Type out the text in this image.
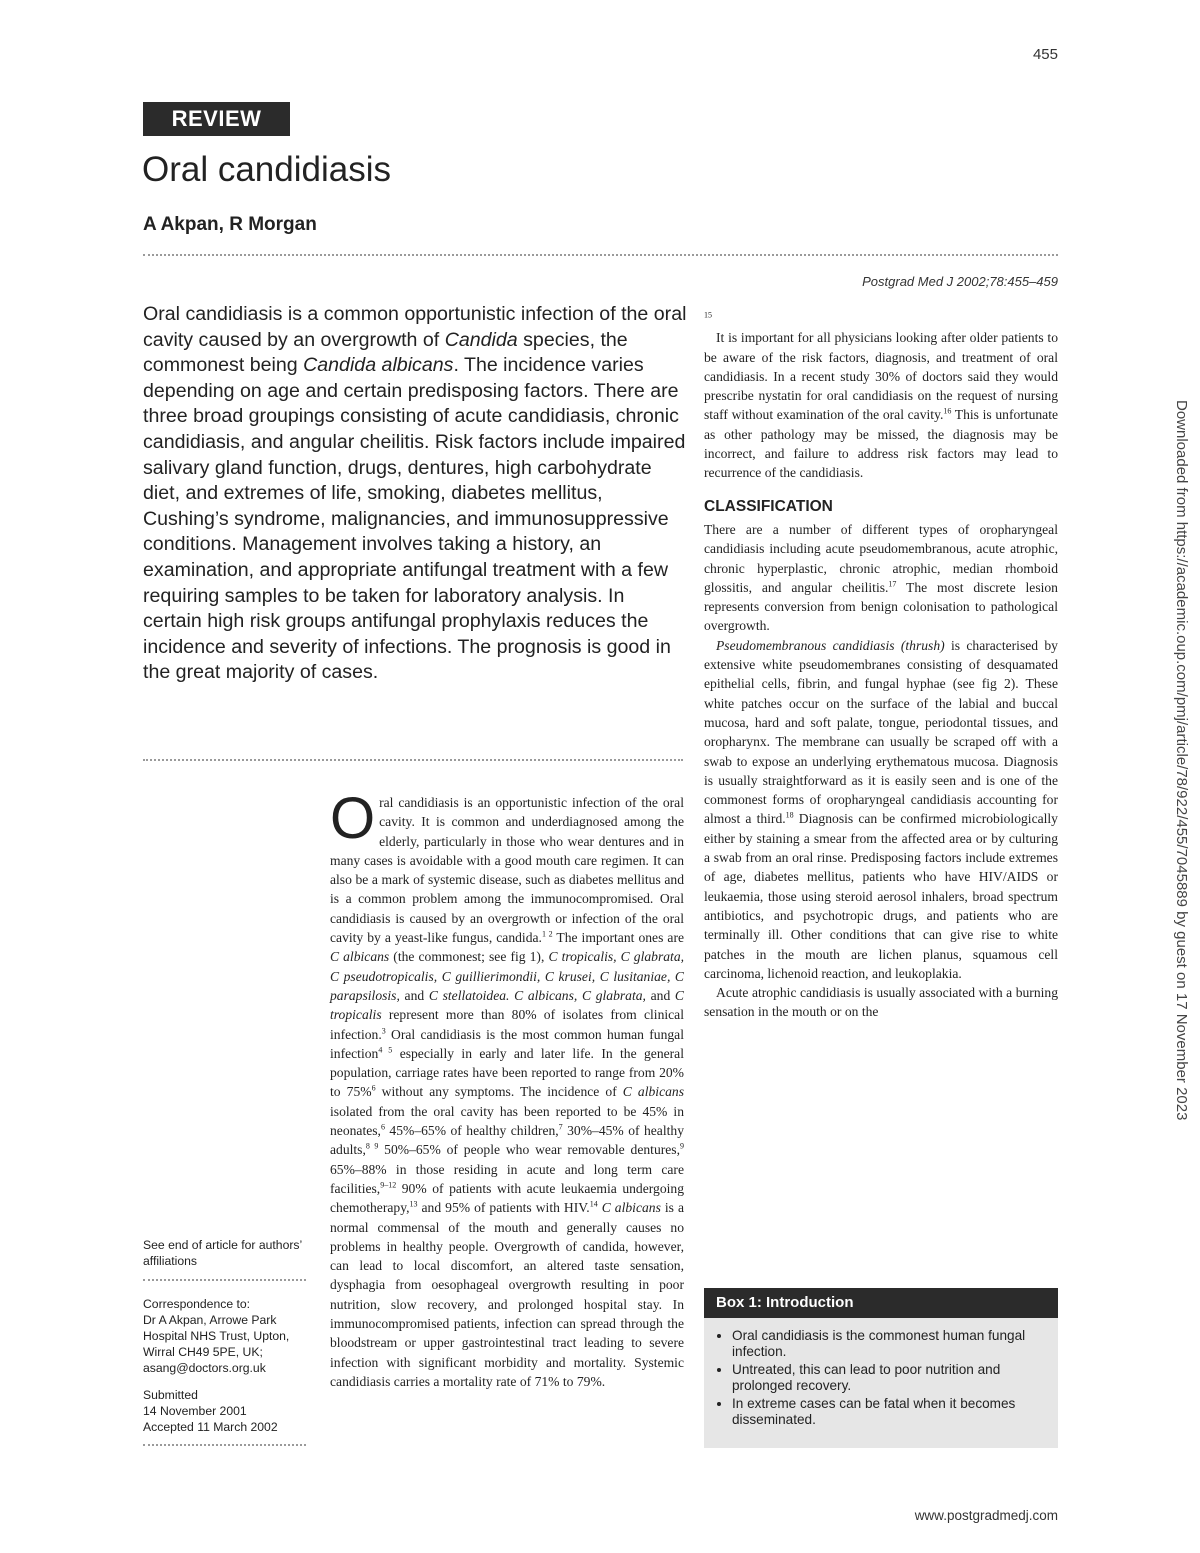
455
REVIEW
Oral candidiasis
A Akpan, R Morgan
Postgrad Med J 2002;78:455–459
Oral candidiasis is a common opportunistic infection of the oral cavity caused by an overgrowth of Candida species, the commonest being Candida albicans. The incidence varies depending on age and certain predisposing factors. There are three broad groupings consisting of acute candidiasis, chronic candidiasis, and angular cheilitis. Risk factors include impaired salivary gland function, drugs, dentures, high carbohydrate diet, and extremes of life, smoking, diabetes mellitus, Cushing’s syndrome, malignancies, and immunosuppressive conditions. Management involves taking a history, an examination, and appropriate antifungal treatment with a few requiring samples to be taken for laboratory analysis. In certain high risk groups antifungal prophylaxis reduces the incidence and severity of infections. The prognosis is good in the great majority of cases.
See end of article for authors’ affiliations
Correspondence to:
Dr A Akpan, Arrowe Park Hospital NHS Trust, Upton, Wirral CH49 5PE, UK;
asang@doctors.org.uk
Submitted
14 November 2001
Accepted 11 March 2002

Oral candidiasis is an opportunistic infection of the oral cavity. It is common and underdiagnosed among the elderly, particularly in those who wear dentures and in many cases is avoidable with a good mouth care regimen. It can also be a mark of systemic disease, such as diabetes mellitus and is a common problem among the immunocompromised. Oral candidiasis is caused by an overgrowth or infection of the oral cavity by a yeast-like fungus, candida.$^{1 2}$ The important ones are C albicans (the commonest; see fig 1), C tropicalis, C glabrata, C pseudotropicalis, C guillierimondii, C krusei, C lusitaniae, C parapsilosis, and C stellatoidea. C albicans, C glabrata, and C tropicalis represent more than 80% of isolates from clinical infection.$^3$ Oral candidiasis is the most common human fungal infection$^{4 5}$ especially in early and later life. In the general population, carriage rates have been reported to range from 20% to 75%$^6$ without any symptoms. The incidence of C albicans isolated from the oral cavity has been reported to be 45% in neonates,$^6$ 45%–65% of healthy children,$^7$ 30%–45% of healthy adults,$^{8 9}$ 50%–65% of people who wear removable dentures,$^9$ 65%–88% in those residing in acute and long term care facilities,$^{9-12}$ 90% of patients with acute leukaemia undergoing chemotherapy,$^{13}$ and 95% of patients with HIV.$^{14}$ C albicans is a normal commensal of the mouth and generally causes no problems in healthy people. Overgrowth of candida, however, can lead to local discomfort, an altered taste sensation, dysphagia from oesophageal overgrowth resulting in poor nutrition, slow recovery, and prolonged hospital stay. In immunocompromised patients, infection can spread through the bloodstream or upper gastrointestinal tract leading to severe infection with significant morbidity and mortality. Systemic candidiasis carries a mortality rate of 71% to 79%.

$^{15}$

It is important for all physicians looking after older patients to be aware of the risk factors, diagnosis, and treatment of oral candidiasis. In a recent study 30% of doctors said they would prescribe nystatin for oral candidiasis on the request of nursing staff without examination of the oral cavity.$^{16}$ This is unfortunate as other pathology may be missed, the diagnosis may be incorrect, and failure to address risk factors may lead to recurrence of the candidiasis.

CLASSIFICATION

There are a number of different types of oropharyngeal candidiasis including acute pseudomembranous, acute atrophic, chronic hyperplastic, chronic atrophic, median rhomboid glossitis, and angular cheilitis.$^{17}$ The most discrete lesion represents conversion from benign colonisation to pathological overgrowth.

Pseudomembranous candidiasis (thrush) is characterised by extensive white pseudomembranes consisting of desquamated epithelial cells, fibrin, and fungal hyphae (see fig 2). These white patches occur on the surface of the labial and buccal mucosa, hard and soft palate, tongue, periodontal tissues, and oropharynx. The membrane can usually be scraped off with a swab to expose an underlying erythematous mucosa. Diagnosis is usually straightforward as it is easily seen and is one of the commonest forms of oropharyngeal candidiasis accounting for almost a third.$^{18}$ Diagnosis can be confirmed microbiologically either by staining a smear from the affected area or by culturing a swab from an oral rinse. Predisposing factors include extremes of age, diabetes mellitus, patients who have HIV/AIDS or leukaemia, those using steroid aerosol inhalers, broad spectrum antibiotics, and psychotropic drugs, and patients who are terminally ill. Other conditions that can give rise to white patches in the mouth are lichen planus, squamous cell carcinoma, lichenoid reaction, and leukoplakia.

Acute atrophic candidiasis is usually associated with a burning sensation in the mouth or on the

Box 1: Introduction
• Oral candidiasis is the commonest human fungal infection.
• Untreated, this can lead to poor nutrition and prolonged recovery.
• In extreme cases can be fatal when it becomes disseminated.
www.postgradmedj.com
Downloaded from https://academic.oup.com/pmj/article/78/922/455/7045889 by guest on 17 November 2023
